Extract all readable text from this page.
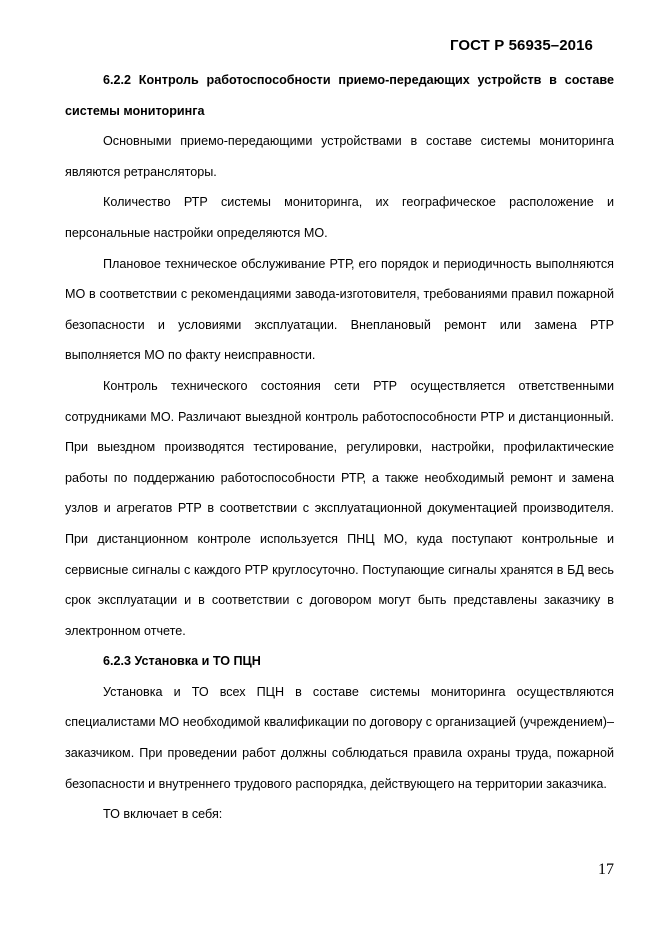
ГОСТ Р 56935–2016

6.2.2 Контроль работоспособности приемо-передающих устройств в составе системы мониторинга

Основными приемо-передающими устройствами в составе системы мониторинга являются ретрансляторы.

Количество РТР системы мониторинга, их географическое расположение и персональные настройки определяются МО.

Плановое техническое обслуживание РТР, его порядок и периодичность выполняются МО в соответствии с рекомендациями завода-изготовителя, требованиями правил пожарной безопасности и условиями эксплуатации. Внеплановый ремонт или замена РТР выполняется МО по факту неисправности.

Контроль технического состояния сети РТР осуществляется ответственными сотрудниками МО. Различают выездной контроль работоспособности РТР и дистанционный. При выездном производятся тестирование, регулировки, настройки, профилактические работы по поддержанию работоспособности РТР, а также необходимый ремонт и замена узлов и агрегатов РТР в соответствии с эксплуатационной документацией производителя. При дистанционном контроле используется ПНЦ МО, куда поступают контрольные и сервисные сигналы с каждого РТР круглосуточно. Поступающие сигналы хранятся в БД весь срок эксплуатации и в соответствии с договором могут быть представлены заказчику в электронном отчете.

6.2.3 Установка и ТО ПЦН

Установка и ТО всех ПЦН в составе системы мониторинга осуществляются специалистами МО необходимой квалификации по договору с организацией (учреждением)–заказчиком. При проведении работ должны соблюдаться правила охраны труда, пожарной безопасности и внутреннего трудового распорядка, действующего на территории заказчика.

ТО включает в себя:

17
